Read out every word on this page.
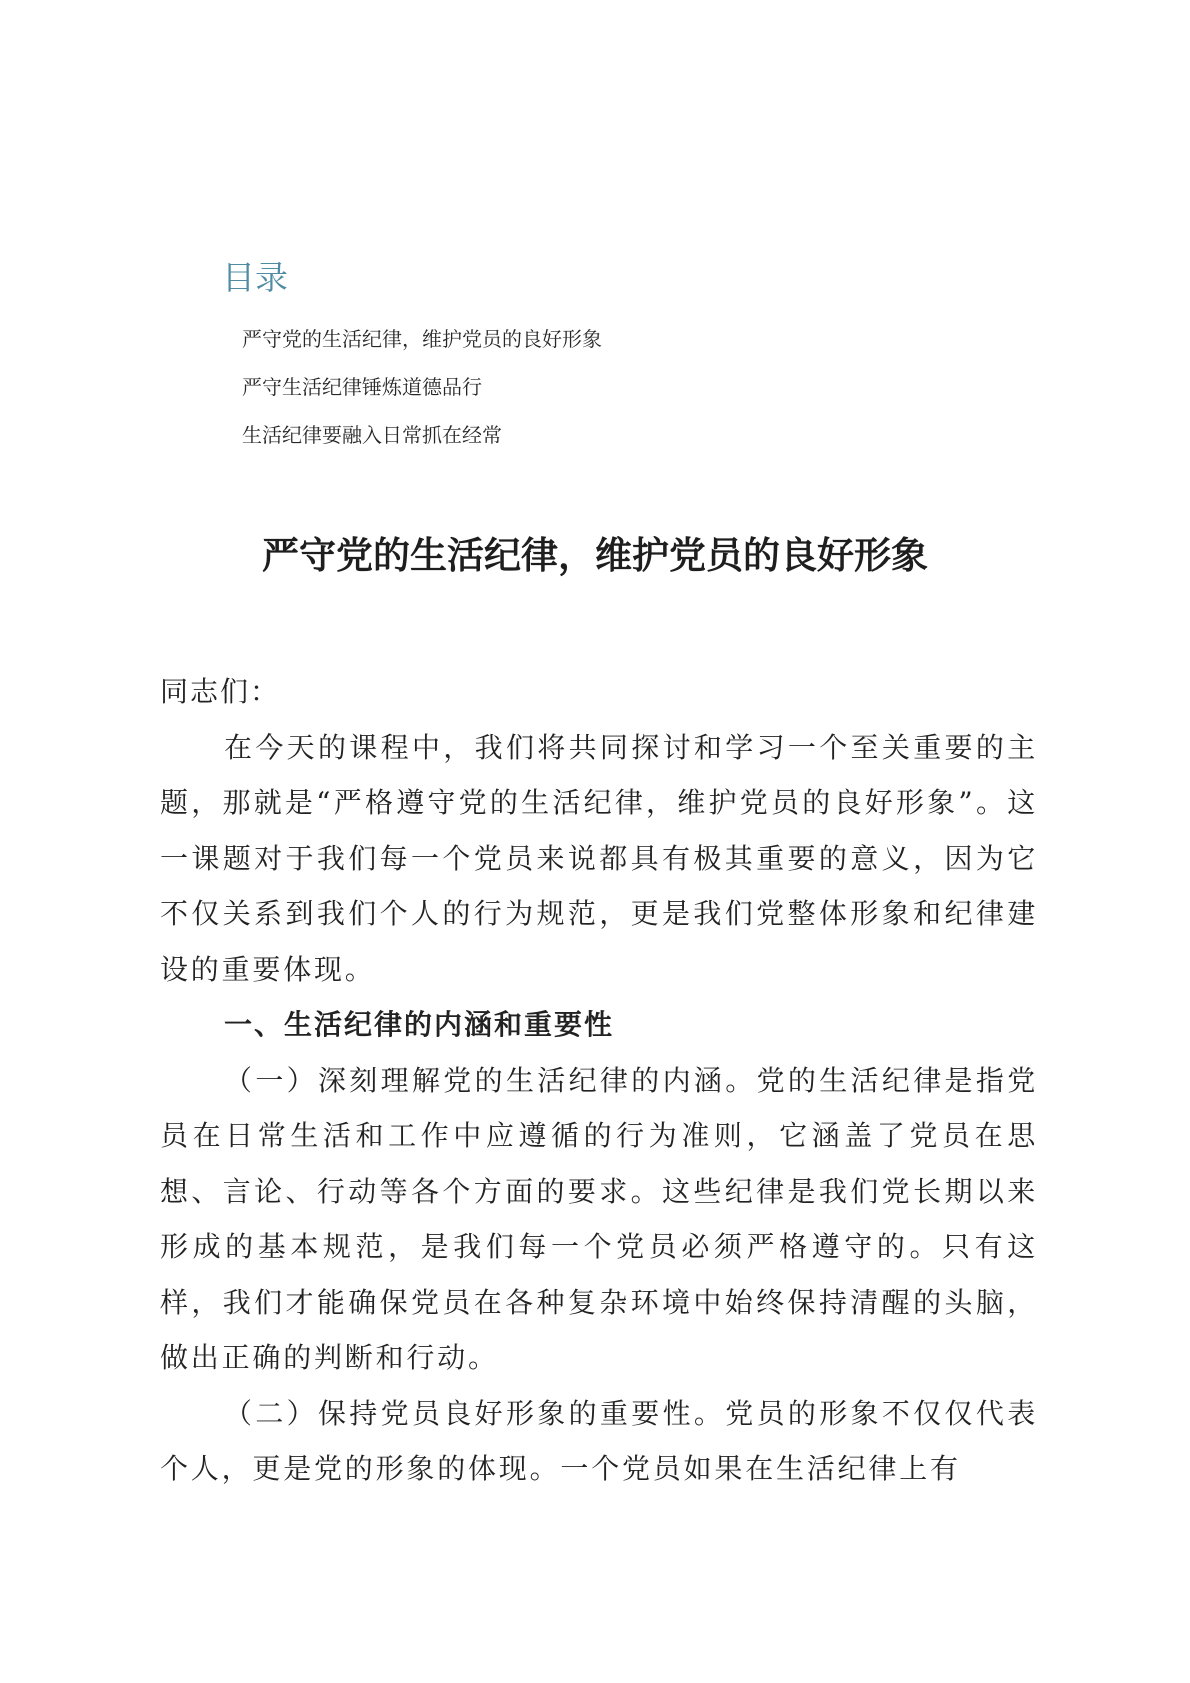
目录
严守党的生活纪律，维护党员的良好形象
严守生活纪律锤炼道德品行
生活纪律要融入日常抓在经常
严守党的生活纪律，维护党员的良好形象

同志们：

在今天的课程中，我们将共同探讨和学习一个至关重要的主题，那就是“严格遵守党的生活纪律，维护党员的良好形象”。这一课题对于我们每一个党员来说都具有极其重要的意义，因为它不仅关系到我们个人的行为规范，更是我们党整体形象和纪律建设的重要体现。

一、生活纪律的内涵和重要性

（一）深刻理解党的生活纪律的内涵。党的生活纪律是指党员在日常生活和工作中应遵循的行为准则，它涵盖了党员在思想、言论、行动等各个方面的要求。这些纪律是我们党长期以来形成的基本规范，是我们每一个党员必须严格遵守的。只有这样，我们才能确保党员在各种复杂环境中始终保持清醒的头脑，做出正确的判断和行动。

（二）保持党员良好形象的重要性。党员的形象不仅仅代表个人，更是党的形象的体现。一个党员如果在生活纪律上有
